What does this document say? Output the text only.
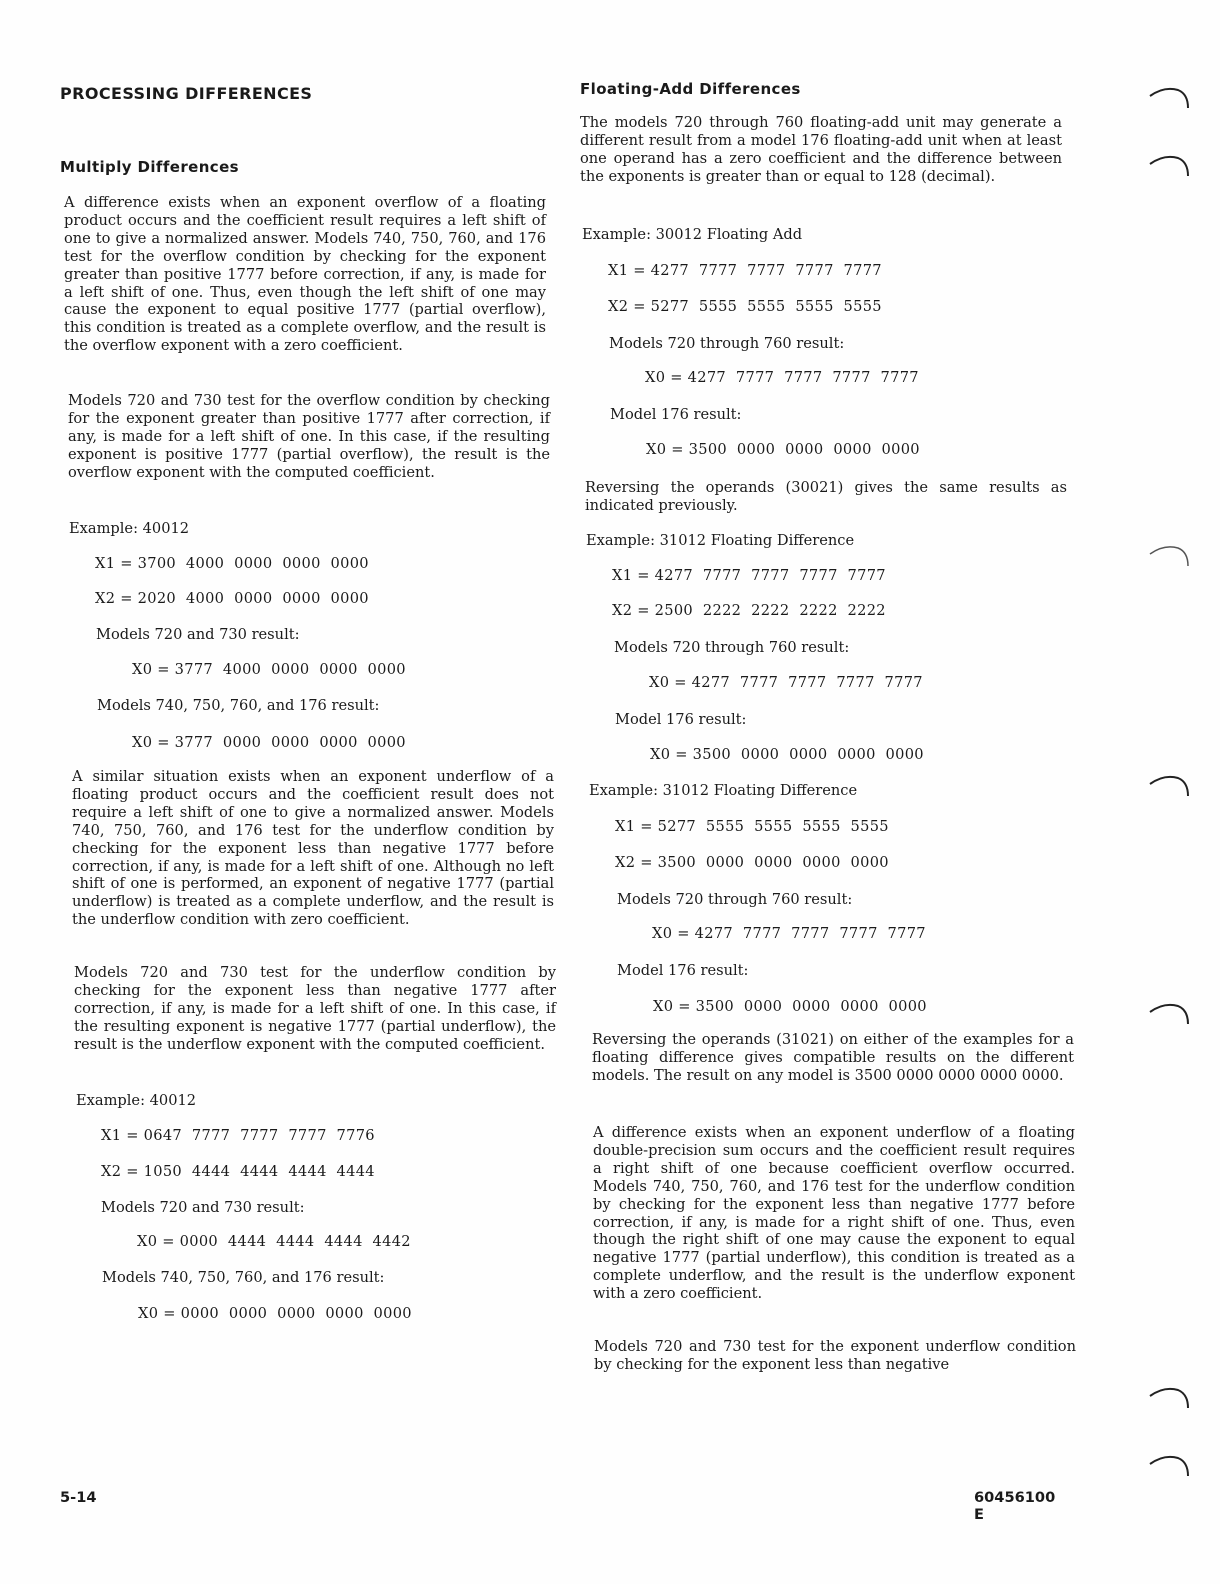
PROCESSING DIFFERENCES
Multiply Differences

A difference exists when an exponent overflow of a floating product occurs and the coefficient result requires a left shift of one to give a normalized answer. Models 740, 750, 760, and 176 test for the overflow condition by checking for the exponent greater than positive 1777 before correction, if any, is made for a left shift of one. Thus, even though the left shift of one may cause the exponent to equal positive 1777 (partial overflow), this condition is treated as a complete overflow, and the result is the overflow exponent with a zero coefficient.

Models 720 and 730 test for the overflow condition by checking for the exponent greater than positive 1777 after correction, if any, is made for a left shift of one. In this case, if the resulting exponent is positive 1777 (partial overflow), the result is the overflow exponent with the computed coefficient.

Example: 40012

X1 = 3700  4000  0000  0000  0000

X2 = 2020  4000  0000  0000  0000

Models 720 and 730 result:

X0 = 3777  4000  0000  0000  0000

Models 740, 750, 760, and 176 result:

X0 = 3777  0000  0000  0000  0000

A similar situation exists when an exponent underflow of a floating product occurs and the coefficient result does not require a left shift of one to give a normalized answer. Models 740, 750, 760, and 176 test for the underflow condition by checking for the exponent less than negative 1777 before correction, if any, is made for a left shift of one. Although no left shift of one is performed, an exponent of negative 1777 (partial underflow) is treated as a complete underflow, and the result is the underflow condition with zero coefficient.

Models 720 and 730 test for the underflow condition by checking for the exponent less than negative 1777 after correction, if any, is made for a left shift of one. In this case, if the resulting exponent is negative 1777 (partial underflow), the result is the underflow exponent with the computed coefficient.

Example: 40012

X1 = 0647  7777  7777  7777  7776

X2 = 1050  4444  4444  4444  4444

Models 720 and 730 result:

X0 = 0000  4444  4444  4444  4442

Models 740, 750, 760, and 176 result:

X0 = 0000  0000  0000  0000  0000

5-14

Floating-Add Differences

The models 720 through 760 floating-add unit may generate a different result from a model 176 floating-add unit when at least one operand has a zero coefficient and the difference between the exponents is greater than or equal to 128 (decimal).

Example: 30012 Floating Add

X1 = 4277  7777  7777  7777  7777

X2 = 5277  5555  5555  5555  5555

Models 720 through 760 result:

X0 = 4277  7777  7777  7777  7777

Model 176 result:

X0 = 3500  0000  0000  0000  0000

Reversing the operands (30021) gives the same results as indicated previously.

Example: 31012 Floating Difference

X1 = 4277  7777  7777  7777  7777

X2 = 2500  2222  2222  2222  2222

Models 720 through 760 result:

X0 = 4277  7777  7777  7777  7777

Model 176 result:

X0 = 3500  0000  0000  0000  0000

Example: 31012 Floating Difference

X1 = 5277  5555  5555  5555  5555

X2 = 3500  0000  0000  0000  0000

Models 720 through 760 result:

X0 = 4277  7777  7777  7777  7777

Model 176 result:

X0 = 3500  0000  0000  0000  0000

Reversing the operands (31021) on either of the examples for a floating difference gives compatible results on the different models. The result on any model is 3500 0000 0000 0000 0000.

A difference exists when an exponent underflow of a floating double-precision sum occurs and the coefficient result requires a right shift of one because coefficient overflow occurred. Models 740, 750, 760, and 176 test for the underflow condition by checking for the exponent less than negative 1777 before correction, if any, is made for a right shift of one. Thus, even though the right shift of one may cause the exponent to equal negative 1777 (partial underflow), this condition is treated as a complete underflow, and the result is the underflow exponent with a zero coefficient.

Models 720 and 730 test for the exponent underflow condition by checking for the exponent less than negative

60456100 E
